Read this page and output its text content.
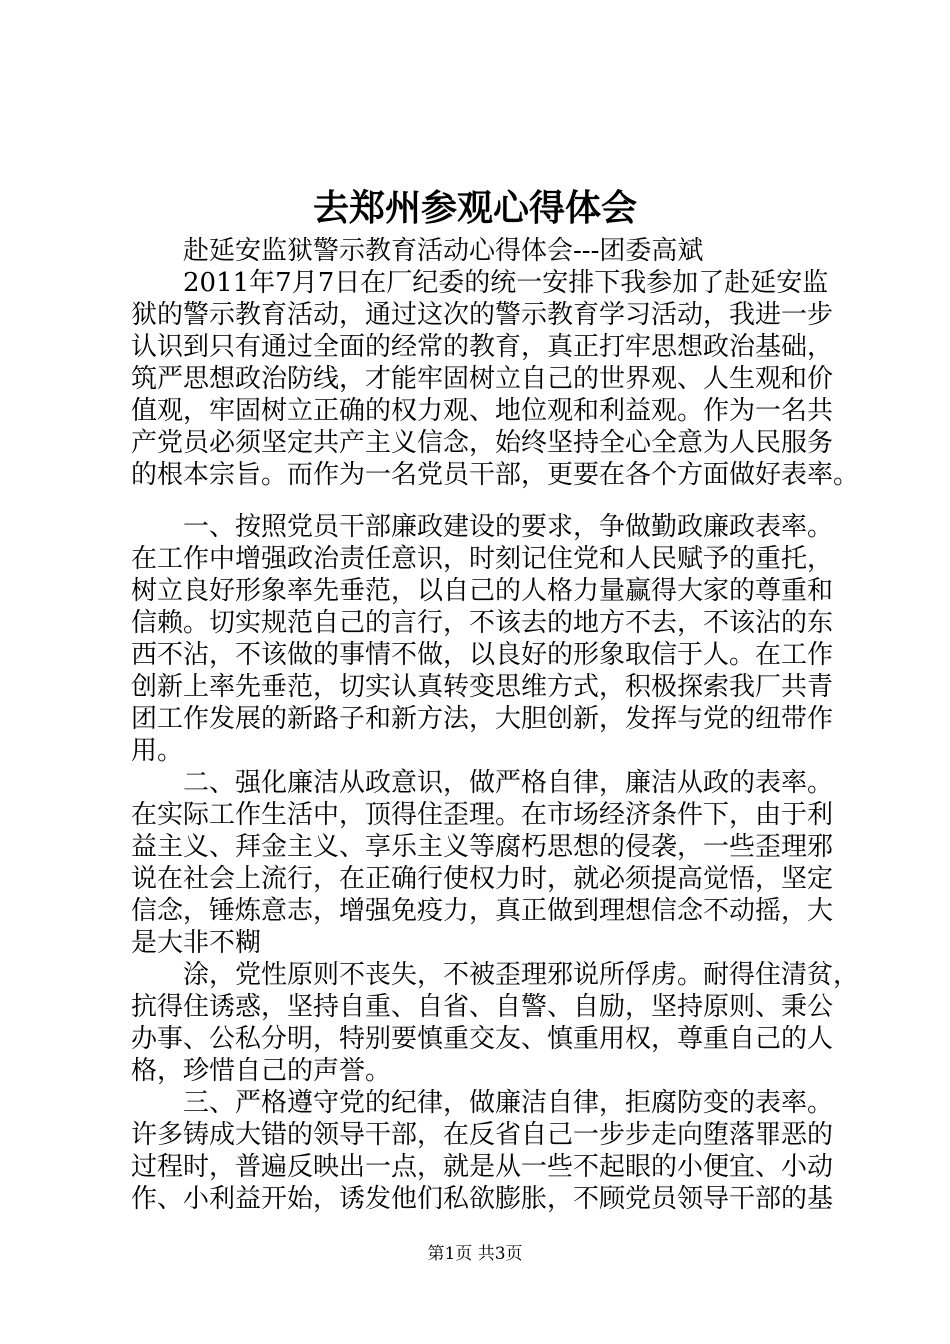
去郑州参观心得体会

赴延安监狱警示教育活动心得体会---团委高斌

2011年7月7日在厂纪委的统一安排下我参加了赴延安监

狱的警示教育活动，通过这次的警示教育学习活动，我进一步

认识到只有通过全面的经常的教育，真正打牢思想政治基础，

筑严思想政治防线，才能牢固树立自己的世界观、人生观和价

值观，牢固树立正确的权力观、地位观和利益观。作为一名共

产党员必须坚定共产主义信念，始终坚持全心全意为人民服务

的根本宗旨。而作为一名党员干部，更要在各个方面做好表率。

一、按照党员干部廉政建设的要求，争做勤政廉政表率。

在工作中增强政治责任意识，时刻记住党和人民赋予的重托，

树立良好形象率先垂范，以自己的人格力量赢得大家的尊重和

信赖。切实规范自己的言行，不该去的地方不去，不该沾的东

西不沾，不该做的事情不做，以良好的形象取信于人。在工作

创新上率先垂范，切实认真转变思维方式，积极探索我厂共青

团工作发展的新路子和新方法，大胆创新，发挥与党的纽带作

用。

二、强化廉洁从政意识，做严格自律，廉洁从政的表率。

在实际工作生活中，顶得住歪理。在市场经济条件下，由于利

益主义、拜金主义、享乐主义等腐朽思想的侵袭，一些歪理邪

说在社会上流行，在正确行使权力时，就必须提高觉悟，坚定

信念，锤炼意志，增强免疫力，真正做到理想信念不动摇，大

是大非不糊

涂，党性原则不丧失，不被歪理邪说所俘虏。耐得住清贫，

抗得住诱惑，坚持自重、自省、自警、自励，坚持原则、秉公

办事、公私分明，特别要慎重交友、慎重用权，尊重自己的人

格，珍惜自己的声誉。

三、严格遵守党的纪律，做廉洁自律，拒腐防变的表率。

许多铸成大错的领导干部，在反省自己一步步走向堕落罪恶的

过程时，普遍反映出一点，就是从一些不起眼的小便宜、小动

作、小利益开始，诱发他们私欲膨胀，不顾党员领导干部的基

第1页 共3页
